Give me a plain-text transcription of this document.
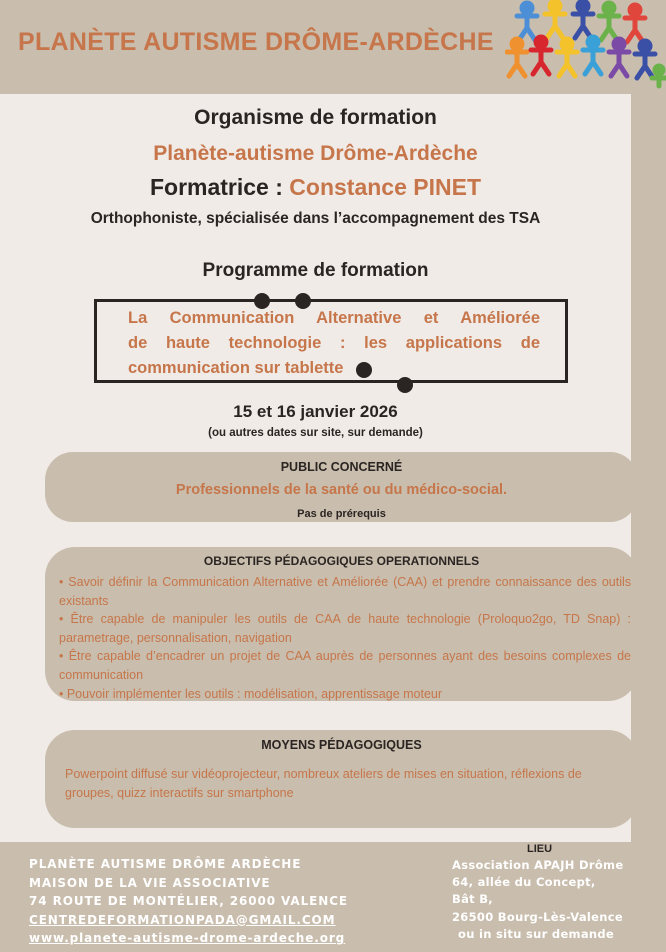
PLANÈTE AUTISME DRÔME-ARDÈCHE
Organisme de formation
Planète-autisme Drôme-Ardèche
Formatrice : Constance PINET
Orthophoniste, spécialisée dans l’accompagnement des TSA
Programme de formation
La Communication Alternative et Améliorée
de haute technologie : les applications de
communication sur tablette
15 et 16 janvier 2026
(ou autres dates sur site, sur demande)
PUBLIC CONCERNÉ
Professionnels de la santé ou du médico-social.
Pas de prérequis
OBJECTIFS PÉDAGOGIQUES OPERATIONNELS
• Savoir définir la Communication Alternative et Améliorée (CAA) et prendre connaissance des outils existants
• Être capable de manipuler les outils de CAA de haute technologie (Proloquo2go, TD Snap) : parametrage, personnalisation, navigation
• Être capable d’encadrer un projet de CAA auprès de personnes ayant des besoins complexes de communication
• Pouvoir implémenter les outils : modélisation, apprentissage moteur
MOYENS PÉDAGOGIQUES
Powerpoint diffusé sur vidéoprojecteur, nombreux ateliers de mises en situation, réflexions de groupes, quizz interactifs sur smartphone
PLANÈTE AUTISME DRÔME ARDÈCHE
MAISON DE LA VIE ASSOCIATIVE
74 ROUTE DE MONTÉLIER, 26000 VALENCE
CENTREDEFORMATIONPADA@GMAIL.COM
www.planete-autisme-drome-ardeche.org
LIEU
Association APAJH Drôme
64, allée du Concept,
Bât B,
26500 Bourg-Lès-Valence
ou in situ sur demande
